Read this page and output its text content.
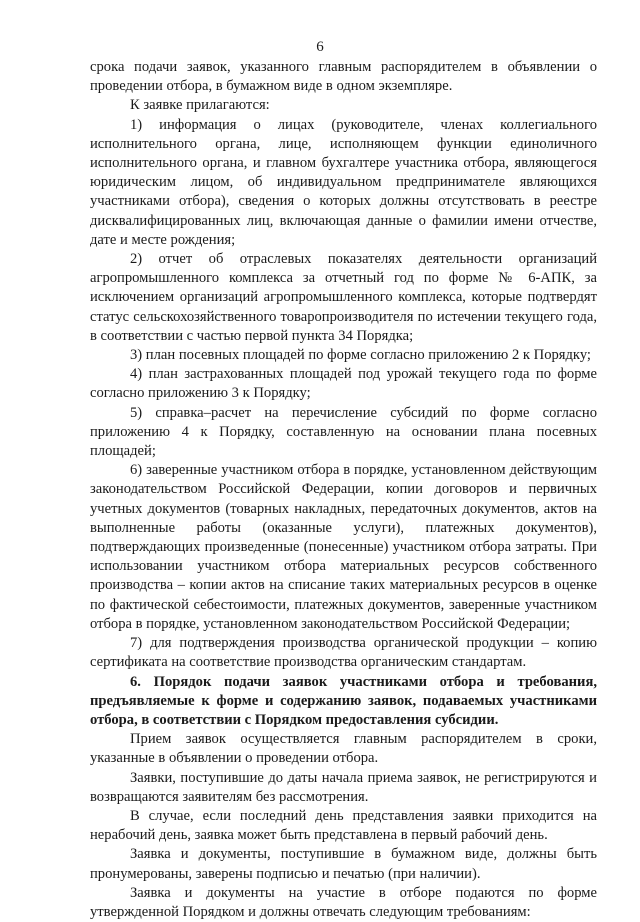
6

срока подачи заявок, указанного главным распорядителем в объявлении о проведении отбора, в бумажном виде в одном экземпляре.

К заявке прилагаются:

1) информация о лицах (руководителе, членах коллегиального исполнительного органа, лице, исполняющем функции единоличного исполнительного органа, и главном бухгалтере участника отбора, являющегося юридическим лицом, об индивидуальном предпринимателе являющихся участниками отбора), сведения о которых должны отсутствовать в реестре дисквалифицированных лиц, включающая данные о фамилии имени отчестве, дате и месте рождения;

2) отчет об отраслевых показателях деятельности организаций агропромышленного комплекса за отчетный год по форме № 6-АПК, за исключением организаций агропромышленного комплекса, которые подтвердят статус сельскохозяйственного товаропроизводителя по истечении текущего года, в соответствии с частью первой пункта 34 Порядка;

3) план посевных площадей по форме согласно приложению 2 к Порядку;

4) план застрахованных площадей под урожай текущего года по форме согласно приложению 3 к Порядку;

5) справка–расчет на перечисление субсидий по форме согласно приложению 4 к Порядку, составленную на основании плана посевных площадей;

6) заверенные участником отбора в порядке, установленном действующим законодательством Российской Федерации, копии договоров и первичных учетных документов (товарных накладных, передаточных документов, актов на выполненные работы (оказанные услуги), платежных документов), подтверждающих произведенные (понесенные) участником отбора затраты. При использовании участником отбора материальных ресурсов собственного производства – копии актов на списание таких материальных ресурсов в оценке по фактической себестоимости, платежных документов, заверенные участником отбора в порядке, установленном законодательством Российской Федерации;

7) для подтверждения производства органической продукции – копию сертификата на соответствие производства органическим стандартам.

6. Порядок подачи заявок участниками отбора и требования, предъявляемые к форме и содержанию заявок, подаваемых участниками отбора, в соответствии с Порядком предоставления субсидии.

Прием заявок осуществляется главным распорядителем в сроки, указанные в объявлении о проведении отбора.

Заявки, поступившие до даты начала приема заявок, не регистрируются и возвращаются заявителям без рассмотрения.

В случае, если последний день представления заявки приходится на нерабочий день, заявка может быть представлена в первый рабочий день.

Заявка и документы, поступившие в бумажном виде, должны быть пронумерованы, заверены подписью и печатью (при наличии).

Заявка и документы на участие в отборе подаются по форме утвержденной Порядком и должны отвечать следующим требованиям:
